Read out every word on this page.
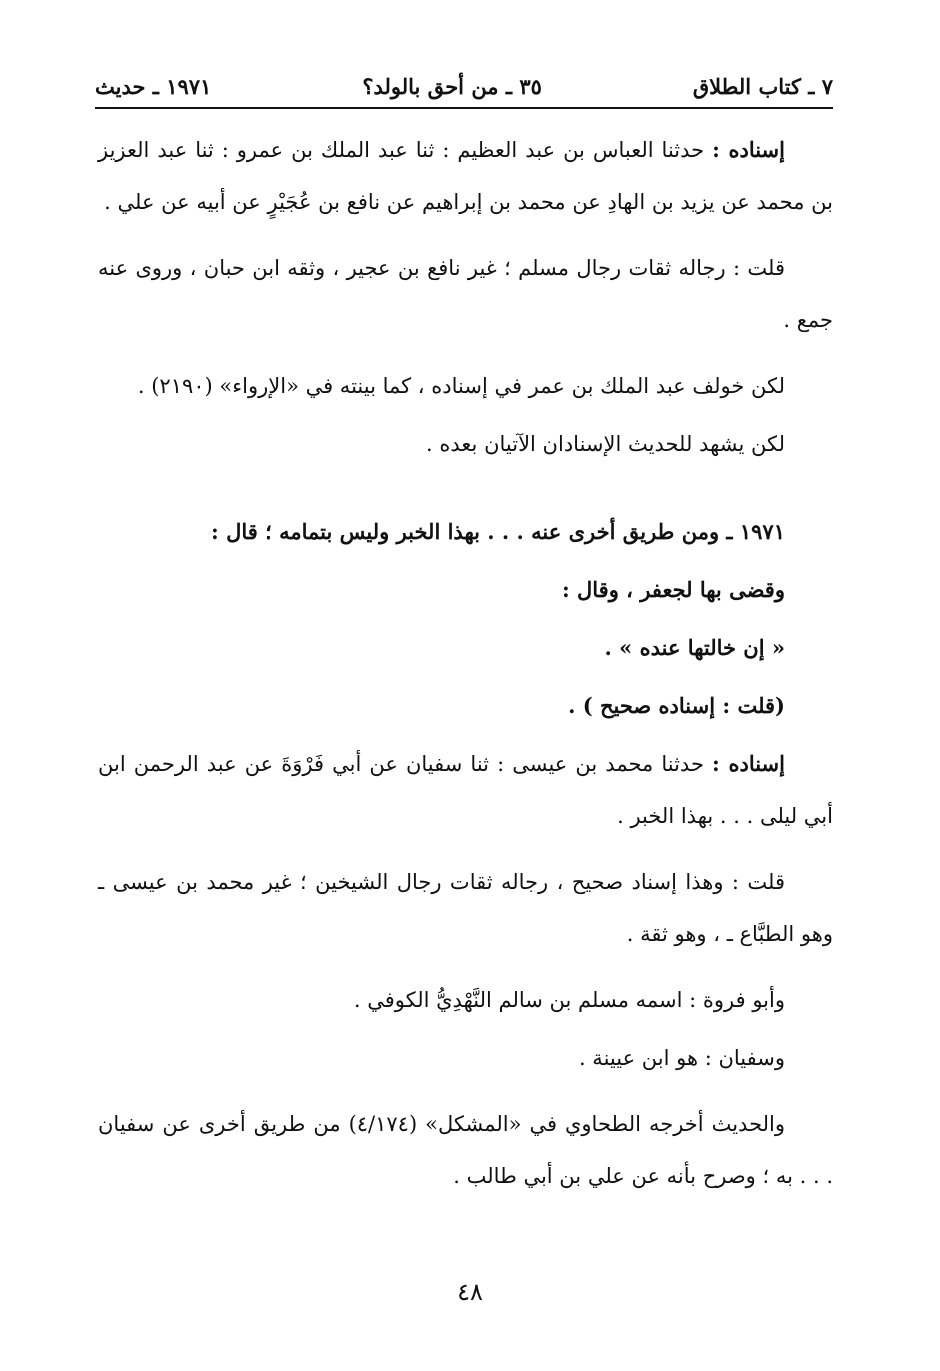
٧ ـ كتاب الطلاق
٣٥ ـ من أحق بالولد؟
١٩٧١ ـ حديث

إسناده : حدثنا العباس بن عبد العظيم : ثنا عبد الملك بن عمرو : ثنا عبد العزيز بن محمد عن يزيد بن الهادِ عن محمد بن إبراهيم عن نافع بن عُجَيْرٍ عن أبيه عن علي .

قلت : رجاله ثقات رجال مسلم ؛ غير نافع بن عجير ، وثقه ابن حبان ، وروى عنه جمع .

لكن خولف عبد الملك بن عمر في إسناده ، كما بينته في «الإرواء» (٢١٩٠) .

لكن يشهد للحديث الإسنادان الآتيان بعده .

١٩٧١ ـ ومن طريق أخرى عنه . . . بهذا الخبر وليس بتمامه ؛ قال :

وقضى بها لجعفر ، وقال :

« إن خالتها عنده » .

(قلت : إسناده صحيح ) .

إسناده : حدثنا محمد بن عيسى : ثنا سفيان عن أبي فَرْوَةَ عن عبد الرحمن ابن أبي ليلى . . . بهذا الخبر .

قلت : وهذا إسناد صحيح ، رجاله ثقات رجال الشيخين ؛ غير محمد بن عيسى ـ وهو الطبَّاع ـ ، وهو ثقة .

وأبو فروة : اسمه مسلم بن سالم النَّهْدِيُّ الكوفي .

وسفيان : هو ابن عيينة .

والحديث أخرجه الطحاوي في «المشكل» (٤/١٧٤) من طريق أخرى عن سفيان . . . به ؛ وصرح بأنه عن علي بن أبي طالب .

٤٨
